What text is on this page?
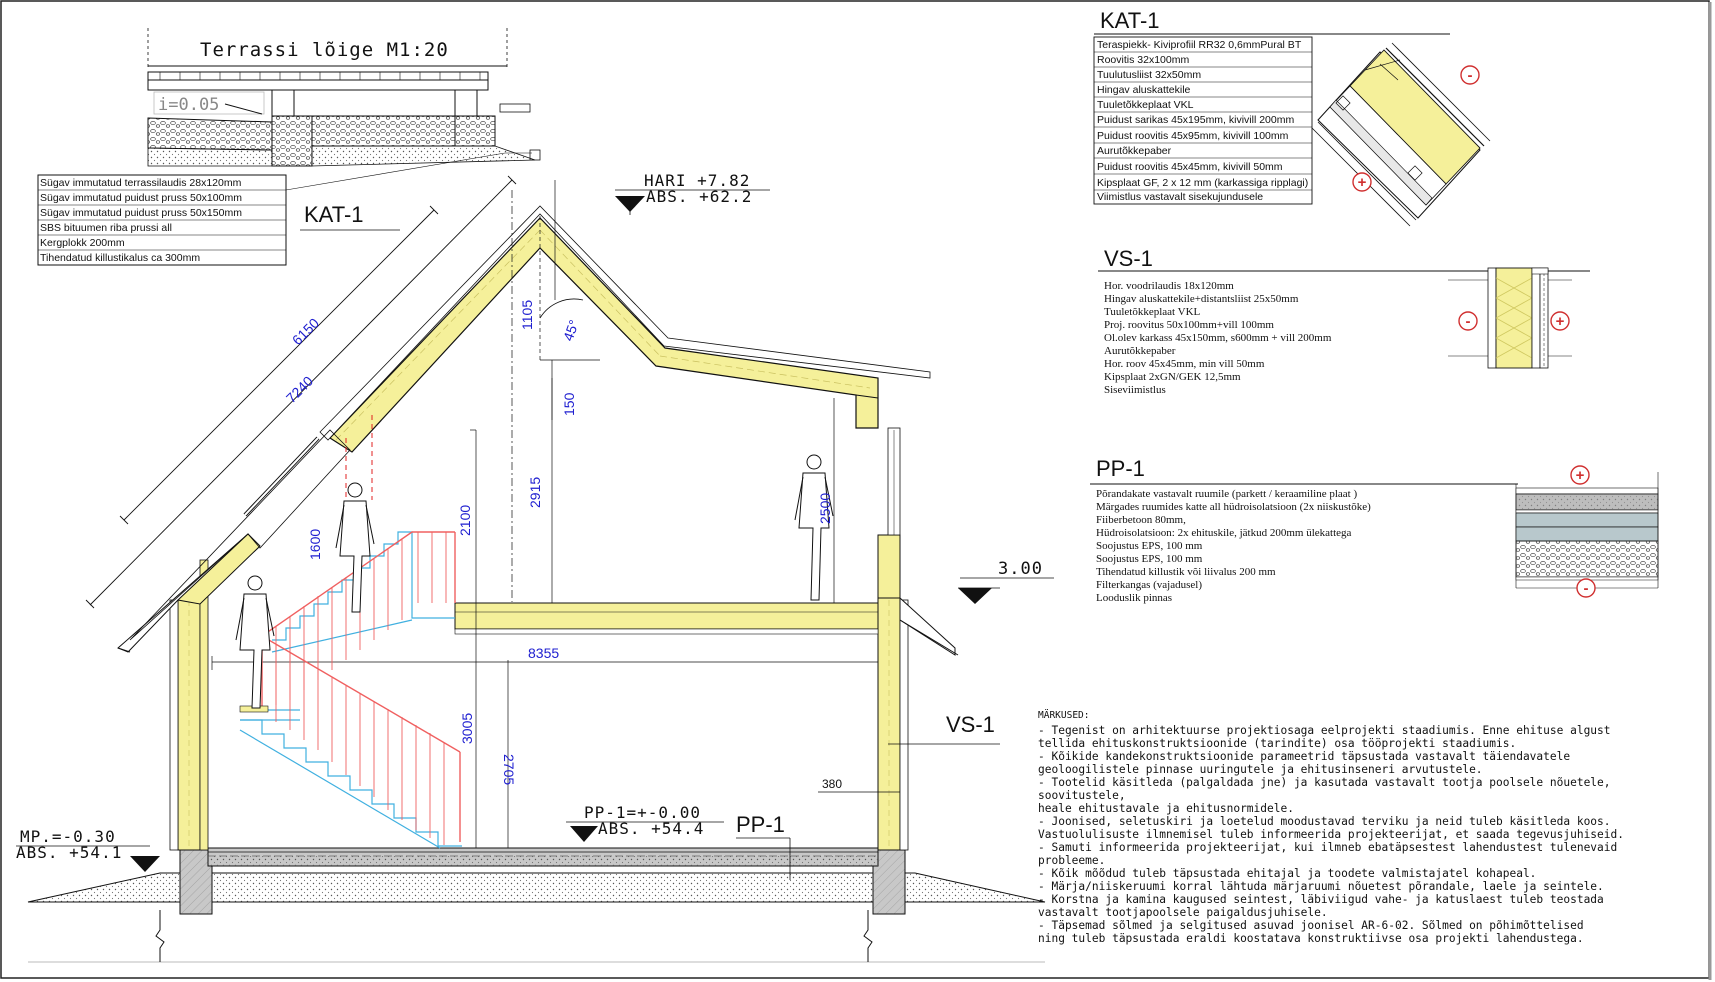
Terrassi lõige M1:20
i=0.05
Sügav immutatud terrassilaudis 28x120mm
Sügav immutatud puidust pruss 50x100mm
Sügav immutatud puidust pruss 50x150mm
SBS bituumen riba prussi all
Kergplokk 200mm
Tihendatud killustikalus ca 300mm
6150
7240
1105
45°
150
2915
2100
1600
2500
8355
3005
2705	380
KAT-1
VS-1
PP-1
HARI +7.82
ABS. +62.2
3.00
PP-1=+-0.00
ABS. +54.4
MP.=-0.30
ABS. +54.1
KAT-1
Teraspiekk- Kiviprofiil RR32 0,6mmPural BT
Roovitis 32x100mm
Tuulutusliist 32x50mm
Hingav aluskattekile
Tuuletõkkeplaat VKL
Puidust sarikas 45x195mm, kivivill 200mm
Puidust roovitis 45x95mm, kivivill 100mm
Aurutõkkepaber
Puidust roovitis 45x45mm, kivivill 50mm
Kipsplaat GF, 2 x 12 mm (karkassiga ripplagi)
Viimistlus vastavalt sisekujundusele
-
+
VS-1
Hor. voodrilaudis 18x120mm
Hingav aluskattekile+distantsliist 25x50mm
Tuuletõkkeplaat VKL
Proj. roovitus 50x100mm+vill 100mm
Ol.olev karkass 45x150mm, s600mm + vill 200mm
Aurutõkkepaber
Hor. roov 45x45mm, min vill 50mm
Kipsplaat 2xGN/GEK 12,5mm
Siseviimistlus
-	+
PP-1
Põrandakate vastavalt ruumile (parkett / keraamiline plaat )
Märgades ruumides katte all hüdroisolatsioon (2x niiskustõke)
Fiiberbetoon 80mm,
Hüdroisolatsioon: 2x ehituskile, jätkud 200mm ülekattega
Soojustus EPS, 100 mm
Soojustus EPS, 100 mm
Tihendatud killustik või liivalus 200 mm
Filterkangas (vajadusel)
Looduslik pinnas
+
-
MÄRKUSED:
- Tegenist on arhitektuurse projektiosaga eelprojekti staadiumis. Enne ehituse algust
tellida ehituskonstruktsioonide (tarindite) osa tööprojekti staadiumis.
- Kõikide kandekonstruktsioonide parameetrid täpsustada vastavalt täiendavatele
geoloogilistele pinnase uuringutele ja ehitusinseneri arvutustele.
- Tootelid käsitleda (palgaldada jne) ja kasutada vastavalt tootja poolsele nõuetele,
soovitustele,
heale ehitustavale ja ehitusnormidele.
- Joonised, seletuskiri ja loetelud moodustavad terviku ja neid tuleb käsitleda koos.
Vastuolulisuste ilmnemisel tuleb informeerida projekteerijat, et saada tegevusjuhiseid.
- Samuti informeerida projekteerijat, kui ilmneb ebatäpsestest lahendustest tulenevaid
probleeme.
- Kõik mõõdud tuleb täpsustada ehitajal ja toodete valmistajatel kohapeal.
- Märja/niiskeruumi korral lähtuda märjaruumi nõuetest põrandale, laele ja seintele.
- Korstna ja kamina kaugused seintest, läbiviigud vahe- ja katuslaest tuleb teostada
vastavalt tootjapoolsele paigaldusjuhisele.
- Täpsemad sõlmed ja selgitused asuvad joonisel AR-6-02. Sõlmed on põhimõttelised
ning tuleb täpsustada eraldi koostatava konstruktiivse osa projekti lahendustega.
